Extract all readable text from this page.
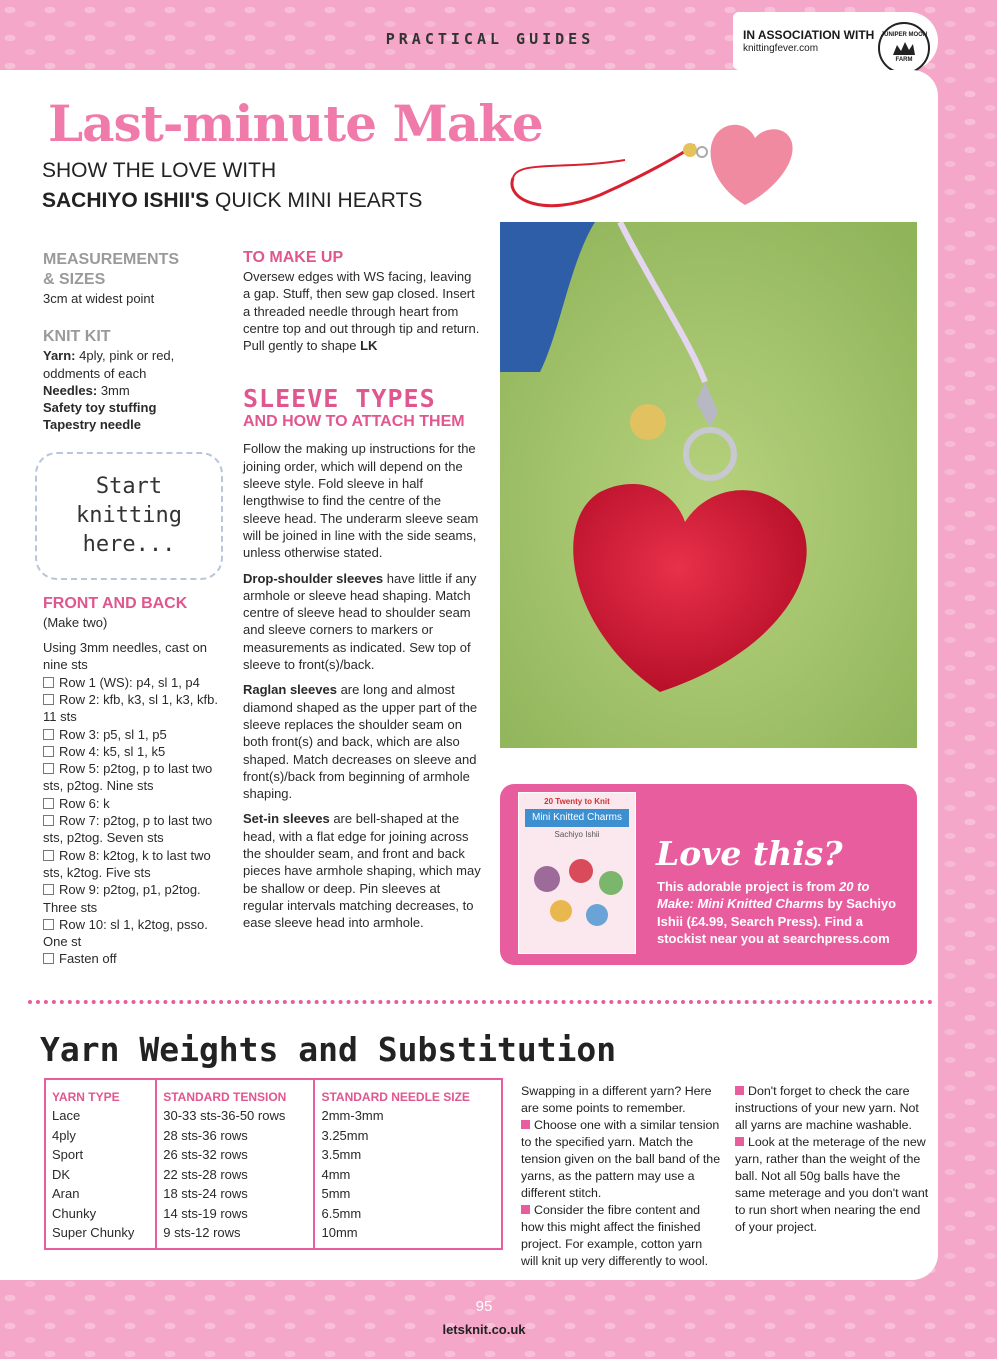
PRACTICAL GUIDES	IN ASSOCIATION WITH
knittingfever.com
JUNIPER MOON
FARM
Last-minute Make
SHOW THE LOVE WITH
SACHIYO ISHII'S QUICK MINI HEARTS
MEASUREMENTS
& SIZES
3cm at widest point
KNIT KIT
Yarn: 4ply, pink or red, oddments of each
Needles: 3mm
Safety toy stuffing
Tapestry needle
Start
knitting
here...
FRONT AND BACK
(Make two)
Using 3mm needles, cast on nine sts
Row 1 (WS): p4, sl 1, p4
Row 2: kfb, k3, sl 1, k3, kfb. 11 sts
Row 3: p5, sl 1, p5
Row 4: k5, sl 1, k5
Row 5: p2tog, p to last two sts, p2tog. Nine sts
Row 6: k
Row 7: p2tog, p to last two sts, p2tog. Seven sts
Row 8: k2tog, k to last two sts, k2tog. Five sts
Row 9: p2tog, p1, p2tog. Three sts
Row 10: sl 1, k2tog, psso. One st
Fasten off
TO MAKE UP

Oversew edges with WS facing, leaving a gap. Stuff, then sew gap closed. Insert a threaded needle through heart from centre top and out through tip and return. Pull gently to shape LK

SLEEVE TYPES
AND HOW TO ATTACH THEM

Follow the making up instructions for the joining order, which will depend on the sleeve style. Fold sleeve in half lengthwise to find the centre of the sleeve head. The underarm sleeve seam will be joined in line with the side seams, unless otherwise stated.

Drop-shoulder sleeves have little if any armhole or sleeve head shaping. Match centre of sleeve head to shoulder seam and sleeve corners to markers or measurements as indicated. Sew top of sleeve to front(s)/back.

Raglan sleeves are long and almost diamond shaped as the upper part of the sleeve replaces the shoulder seam on both front(s) and back, which are also shaped. Match decreases on sleeve and front(s)/back from beginning of armhole shaping.

Set-in sleeves are bell-shaped at the head, with a flat edge for joining across the shoulder seam, and front and back pieces have armhole shaping, which may be shallow or deep. Pin sleeves at regular intervals matching decreases, to ease sleeve head into armhole.

20 Twenty to Knit
Mini Knitted Charms
Sachiyo Ishii	Love this?
This adorable project is from 20 to Make: Mini Knitted Charms by Sachiyo Ishii (£4.99, Search Press). Find a stockist near you at searchpress.com
Yarn Weights and Substitution
YARN TYPE	STANDARD TENSION	STANDARD NEEDLE SIZE
Lace	30-33 sts-36-50 rows	2mm-3mm
4ply	28 sts-36 rows	3.25mm
Sport	26 sts-32 rows	3.5mm
DK	22 sts-28 rows	4mm
Aran	18 sts-24 rows	5mm
Chunky	14 sts-19 rows	6.5mm
Super Chunky	9 sts-12 rows	10mm
Swapping in a different yarn? Here are some points to remember.
Choose one with a similar tension to the specified yarn. Match the tension given on the ball band of the yarns, as the pattern may use a different stitch.
Consider the fibre content and how this might affect the finished project. For example, cotton yarn will knit up very differently to wool.
Don't forget to check the care instructions of your new yarn. Not all yarns are machine washable.
Look at the meterage of the new yarn, rather than the weight of the ball. Not all 50g balls have the same meterage and you don't want to run short when nearing the end of your project.
95
letsknit.co.uk
